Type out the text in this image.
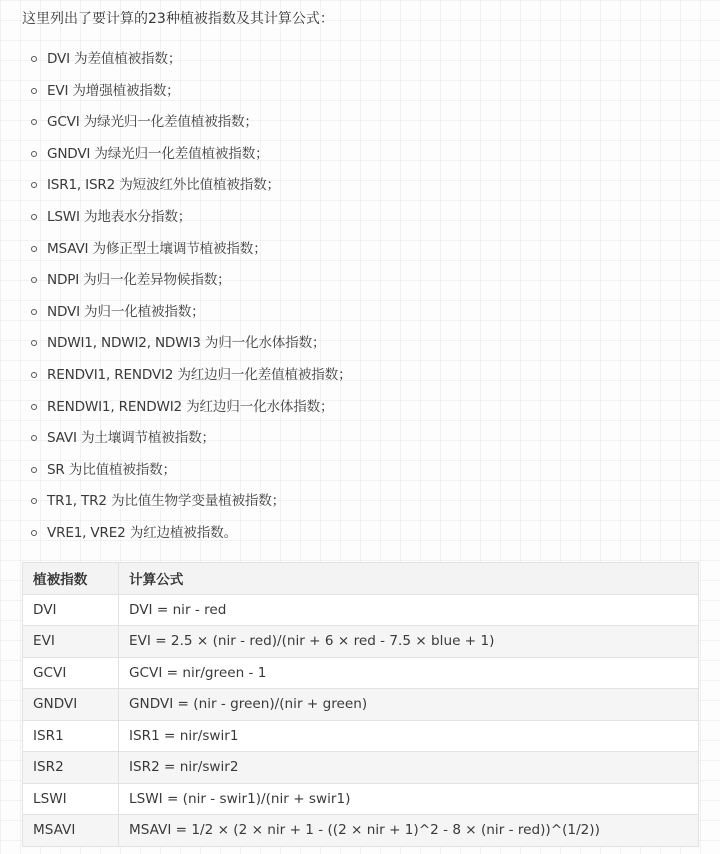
这里列出了要计算的23种植被指数及其计算公式：

DVI 为差值植被指数；
EVI 为增强植被指数；
GCVI 为绿光归一化差值植被指数；
GNDVI 为绿光归一化差值植被指数；
ISR1, ISR2 为短波红外比值植被指数；
LSWI 为地表水分指数；
MSAVI 为修正型土壤调节植被指数；
NDPI 为归一化差异物候指数；
NDVI 为归一化植被指数；
NDWI1, NDWI2, NDWI3 为归一化水体指数；
RENDVI1, RENDVI2 为红边归一化差值植被指数；
RENDWI1, RENDWI2 为红边归一化水体指数；
SAVI 为土壤调节植被指数；
SR 为比值植被指数；
TR1, TR2 为比值生物学变量植被指数；
VRE1, VRE2 为红边植被指数。
植被指数	计算公式
DVI	DVI = nir - red
EVI	EVI = 2.5 × (nir - red)/(nir + 6 × red - 7.5 × blue + 1)
GCVI	GCVI = nir/green - 1
GNDVI	GNDVI = (nir - green)/(nir + green)
ISR1	ISR1 = nir/swir1
ISR2	ISR2 = nir/swir2
LSWI	LSWI = (nir - swir1)/(nir + swir1)
MSAVI	MSAVI = 1/2 × (2 × nir + 1 - ((2 × nir + 1)^2 - 8 × (nir - red))^(1/2))
